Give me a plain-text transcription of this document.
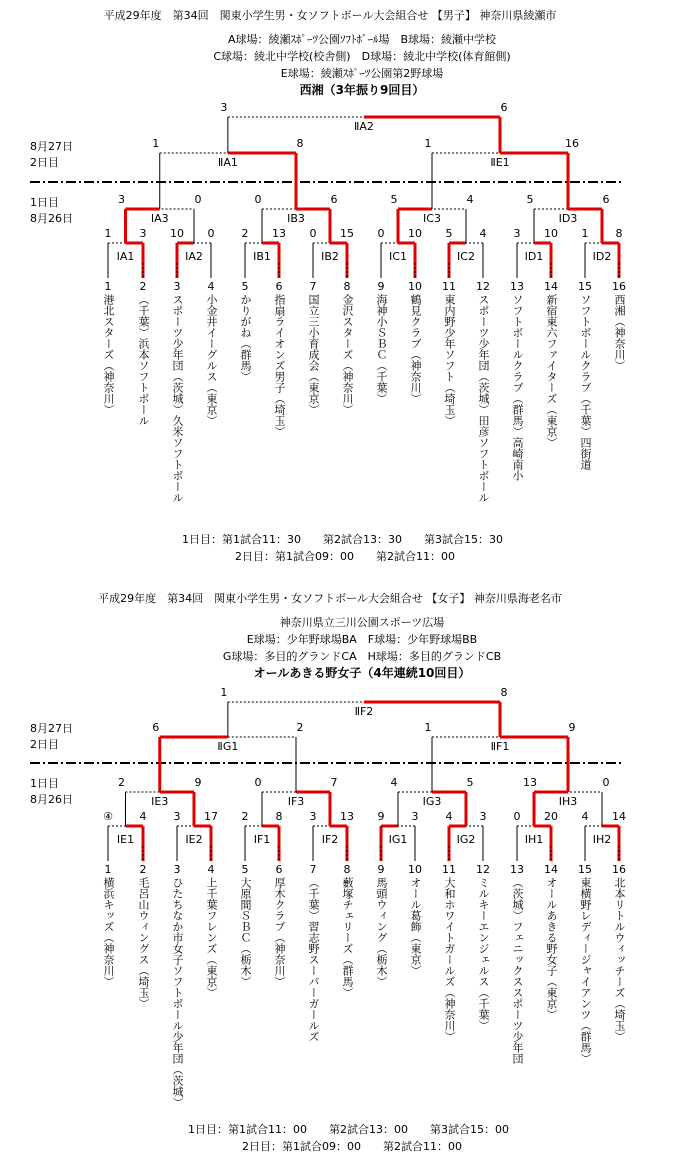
平成29年度　第34回　関東小学生男・女ソフトボール大会組合せ 【男子】 神奈川県綾瀬市
A球場：綾瀬ｽﾎﾟｰﾂ公園ｿﾌﾄﾎﾞｰﾙ場　B球場：綾瀬中学校
C球場：綾北中学校(校舎側)　D球場：綾北中学校(体育館側)
E球場：綾瀬ｽﾎﾟｰﾂ公園第2野球場
西湘（3年振り9回目）
8月27日
2日目
1日目
8月26日
1	3
ⅠA1
10 0
ⅠA2
2 13
ⅠB1
0 15
ⅠB2
0 10
ⅠC1
5 4
ⅠC2
3 10
ⅠD1
1 8
ⅠD2
3	0
ⅠA3
0	6
ⅠB3
5	4
ⅠC3
5	6
ⅠD3
1	8
ⅡA1
1	16
ⅡE1
3	6
ⅡA2
1
港北スターズ（神奈川）
2
（千葉）浜本ソフトボール
3
スポーツ少年団（茨城）久米ソフトボール
4
小金井イーグルス（東京）
5
かりがね（群馬）
6
指扇ライオンズ男子（埼玉）
7
国立三小育成会（東京）
8
金沢スターズ（神奈川）
9
海神小ＳＢＣ（千葉）
10
鶴見クラブ（神奈川）
11
東内野少年ソフト（埼玉）
12
スポーツ少年団（茨城）田彦ソフトボール
13
ソフトボールクラブ（群馬）高崎南小
14
新宿東六ファイターズ（東京）
15
ソフトボールクラブ（千葉）四街道
16
西湘（神奈川）
1日目：第1試合11：30　　第2試合13：30　　第3試合15：30
2日目：第1試合09：00　　第2試合11：00
平成29年度　第34回　関東小学生男・女ソフトボール大会組合せ 【女子】 神奈川県海老名市
神奈川県立三川公園スポーツ広場
E球場：少年野球場BA　F球場：少年野球場BB
G球場：多目的グランドCA　H球場：多目的グランドCB
オールあきる野女子（4年連続10回目）
8月27日
2日目
1日目
8月26日
④ 4
ⅠE1
3 17
ⅠE2
2 8
ⅠF1
3 13
ⅠF2
9 3
ⅠG1
4 3
ⅠG2
0 20
ⅠH1
4 14
ⅠH2
2	9
ⅠE3
0	7
ⅠF3
4	5
ⅠG3
13	0
ⅠH3
6	2
ⅡG1
1	9
ⅡF1
1	8
ⅡF2
1
横浜キッズ（神奈川）
2
毛呂山ウィングス（埼玉）
3
ひたちなか市女子ソフトボール少年団（茨城）
4
上千葉フレンズ（東京）
5
大原間ＳＢＣ（栃木）
6
厚木クラブ（神奈川）
7
（千葉）習志野スーパーガールズ
8
藪塚チェリーズ（群馬）
9
馬頭ウィング（栃木）
10
オール葛飾（東京）
11
大和ホワイトガールズ（神奈川）
12
ミルキーエンジェルス（千葉）
13
（茨城）フェニックススポーツ少年団
14
オールあきる野女子（東京）
15
東横野レディージャイアンツ（群馬）
16
北本リトルウィッチーズ（埼玉）
1日目：第1試合11：00　　第2試合13：00　　第3試合15：00
2日目：第1試合09：00　　第2試合11：00
